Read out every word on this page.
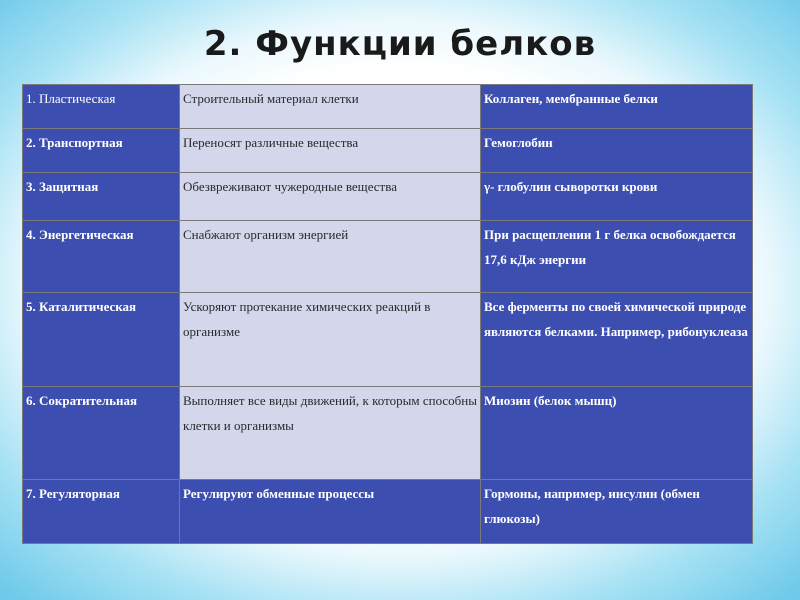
2. Функции белков
1. Пластическая	Строительный материал клетки	Коллаген, мембранные белки
2. Транспортная	Переносят различные вещества	Гемоглобин
3. Защитная	Обезвреживают чужеродные вещества	γ- глобулин сыворотки крови
4. Энергетическая	Снабжают организм энергией	При расщеплении 1 г белка освобождается 17,6 кДж энергии
5. Каталитическая	Ускоряют протекание химических реакций в организме	Все ферменты по своей химической природе являются белками. Например, рибонуклеаза
6. Сократительная	Выполняет все виды движений, к которым способны клетки и организмы	Миозин (белок мышц)
7. Регуляторная	Регулируют обменные процессы	Гормоны, например, инсулин (обмен глюкозы)
